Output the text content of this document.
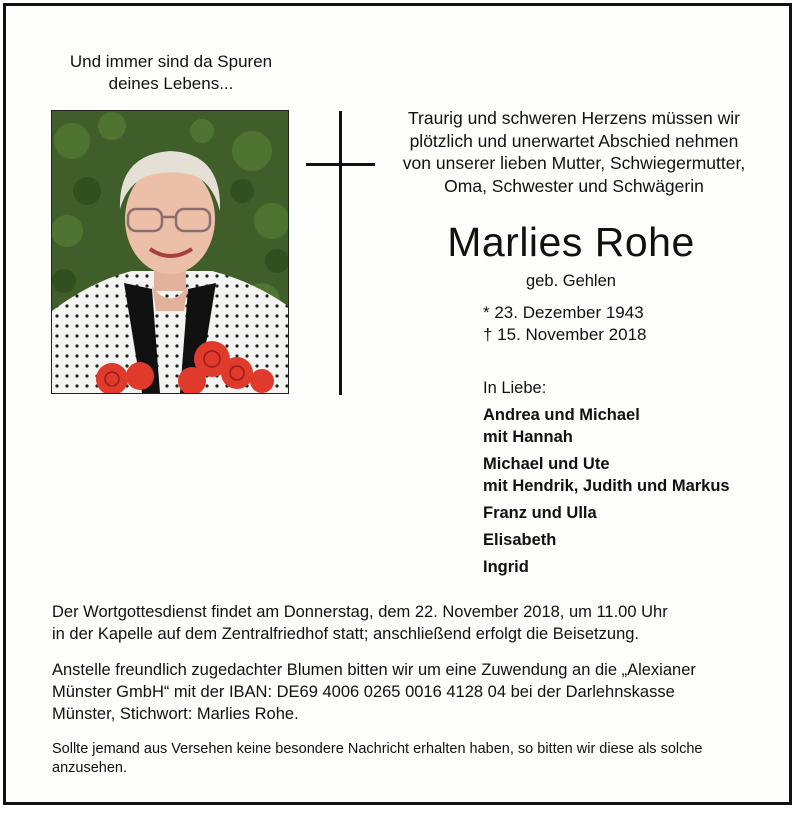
Und immer sind da Spuren
deines Lebens...
Traurig und schweren Herzens müssen wir
plötzlich und unerwartet Abschied nehmen
von unserer lieben Mutter, Schwiegermutter,
Oma, Schwester und Schwägerin
Marlies Rohe
geb. Gehlen
* 23. Dezember 1943
† 15. November 2018
In Liebe:
Andrea und Michael
mit Hannah
Michael und Ute
mit Hendrik, Judith und Markus
Franz und Ulla
Elisabeth
Ingrid
Der Wortgottesdienst findet am Donnerstag, dem 22. November 2018, um 11.00 Uhr
in der Kapelle auf dem Zentralfriedhof statt; anschließend erfolgt die Beisetzung.
Anstelle freundlich zugedachter Blumen bitten wir um eine Zuwendung an die „Alexianer
Münster GmbH“ mit der IBAN: DE69 4006 0265 0016 4128 04 bei der Darlehnskasse
Münster, Stichwort: Marlies Rohe.
Sollte jemand aus Versehen keine besondere Nachricht erhalten haben, so bitten wir diese als solche
anzusehen.
